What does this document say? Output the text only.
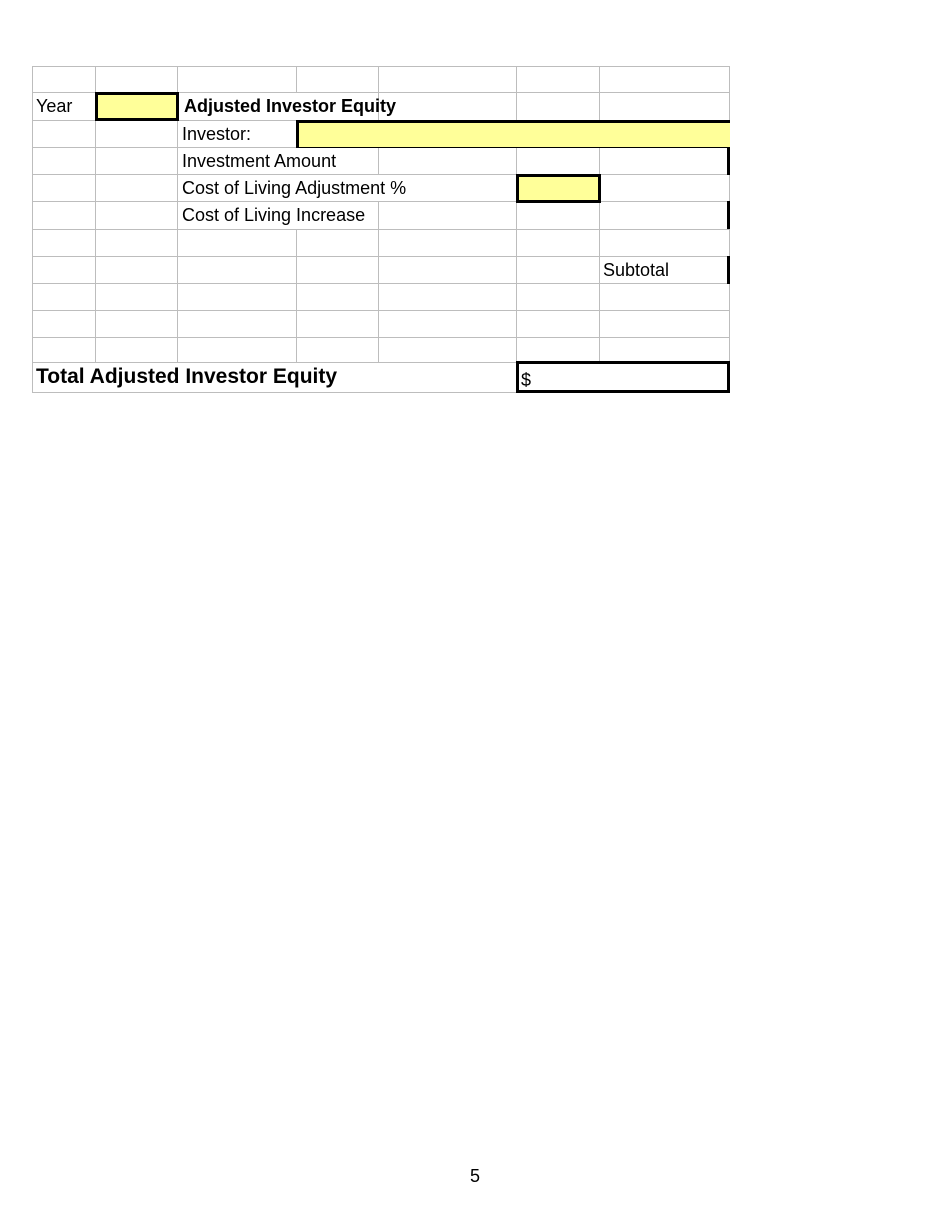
Year	Adjusted Investor Equity
Investor:
Investment Amount
Cost of Living Adjustment %
Cost of Living Increase
Subtotal
Total Adjusted Investor Equity	$
5
